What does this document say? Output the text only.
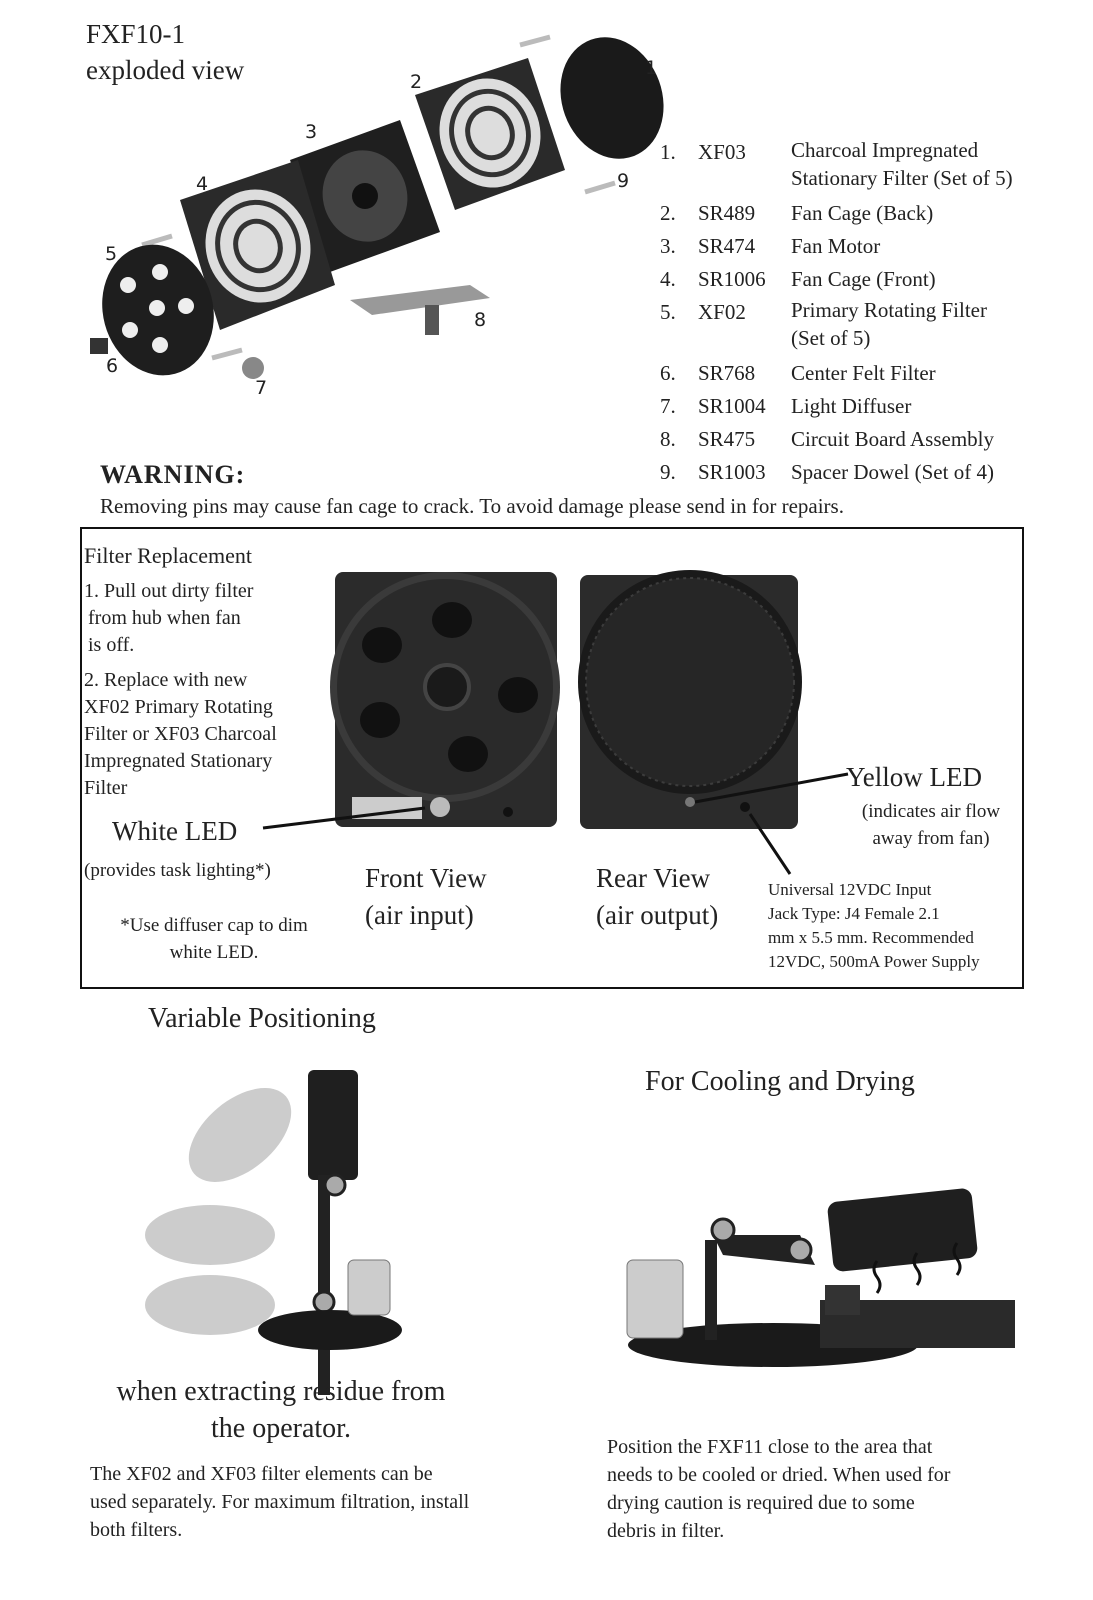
FXF10-1
exploded view	1
2
3
4
5
6
7
8
9
1.	XF03 Charcoal Impregnated
Stationary Filter (Set of 5)
2.	SR489 Fan Cage (Back)
3.	SR474 Fan Motor
4.	SR1006 Fan Cage (Front)
5.	XF02 Primary Rotating Filter
(Set of 5)
6.	SR768 Center Felt Filter
7.	SR1004 Light Diffuser
8.	SR475 Circuit Board Assembly
9.	SR1003 Spacer Dowel (Set of 4)
WARNING:
Removing pins may cause fan cage to crack. To avoid damage please send in for repairs.
Filter Replacement

1. Pull out dirty filter
from hub when fan
is off.

2. Replace with new
XF02 Primary Rotating
Filter or XF03 Charcoal
Impregnated Stationary
Filter

White LED
(provides task lighting*)
*Use diffuser cap to dim
white LED.
Yellow LED
(indicates air flow
away from fan)
Front View
(air input)
Rear View
(air output)
Universal 12VDC Input
Jack Type: J4 Female 2.1
mm x 5.5 mm. Recommended
12VDC, 500mA Power Supply
Variable Positioning
when extracting residue from
the operator.
The XF02 and XF03 filter elements can be
used separately. For maximum filtration, install
both filters.
For Cooling and Drying
Position the FXF11 close to the area that
needs to be cooled or dried. When used for
drying caution is required due to some
debris in filter.
